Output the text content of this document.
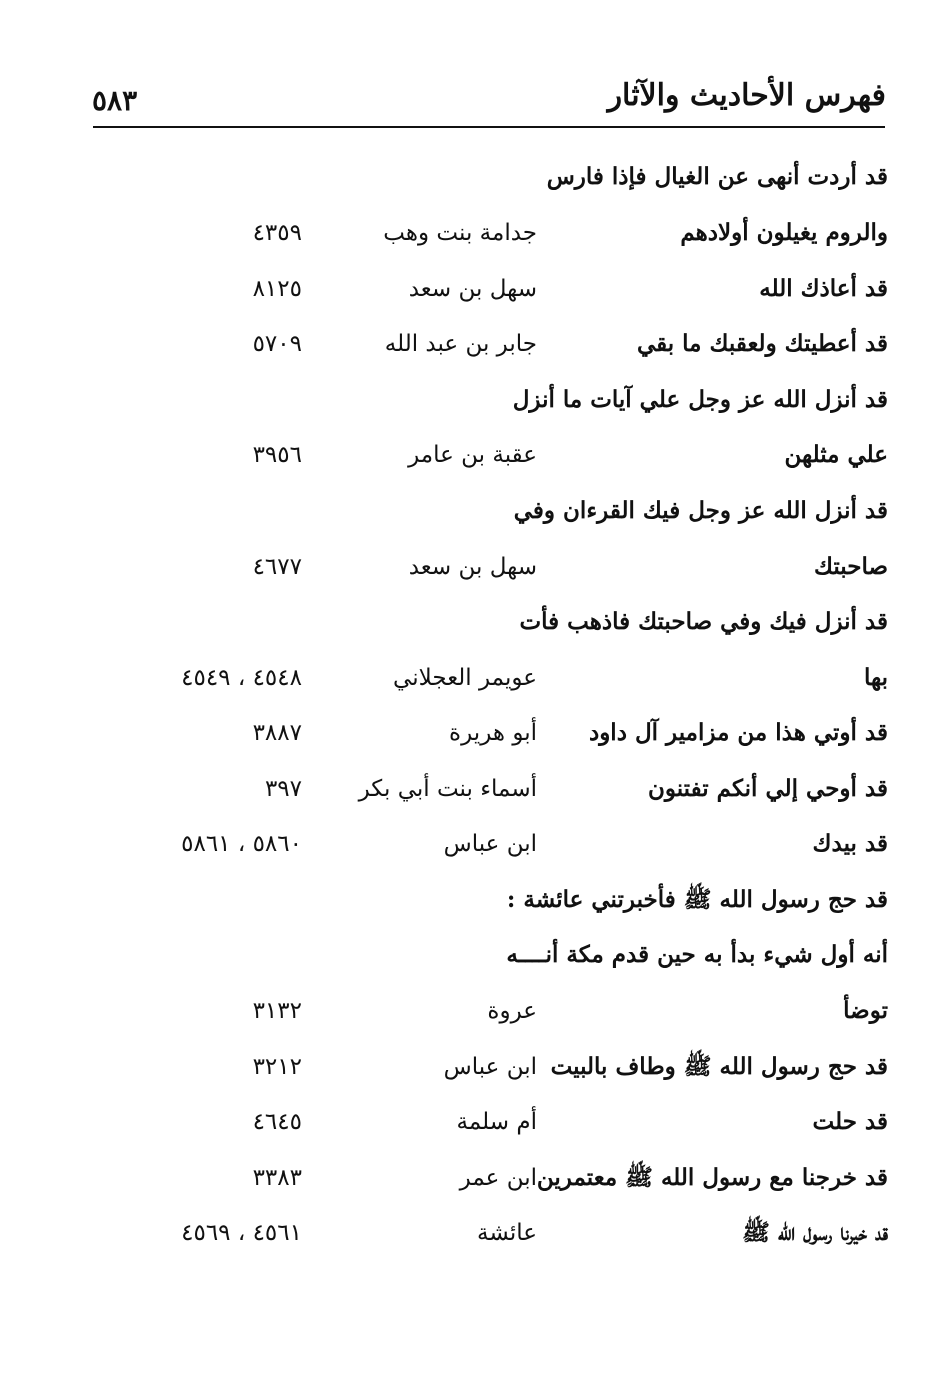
فهرس الأحاديث والآثار
٥٨٣
قد أردت أنهى عن الغيال فإذا فارس
والروم يغيلون أولادهم
جدامة بنت وهب
٤٣٥٩
قد أعاذك الله
سهل بن سعد
٨١٢٥
قد أعطيتك ولعقبك ما بقي
جابر بن عبد الله
٥٧٠٩
قد أنزل الله عز وجل علي آيات ما أنزل
علي مثلهن
عقبة بن عامر
٣٩٥٦
قد أنزل الله عز وجل فيك القرءان وفي
صاحبتك
سهل بن سعد
٤٦٧٧
قد أنزل فيك وفي صاحبتك فاذهب فأت
بها
عويمر العجلاني
٤٥٤٨ ، ٤٥٤٩
قد أوتي هذا من مزامير آل داود
أبو هريرة
٣٨٨٧
قد أوحي إلي أنكم تفتنون
أسماء بنت أبي بكر
٣٩٧
قد بيدك
ابن عباس
٥٨٦٠ ، ٥٨٦١
قد حج رسول الله ﷺ فأخبرتني عائشة :
أنه أول شيء بدأ به حين قدم مكة أنــــه
توضأ
عروة
٣١٣٢
قد حج رسول الله ﷺ وطاف بالبيت
ابن عباس
٣٢١٢
قد حلت
أم سلمة
٤٦٤٥
قد خرجنا مع رسول الله ﷺ معتمرين
ابن عمر
٣٣٨٣
قد خيرنا رسول الله ﷺ
عائشة
٤٥٦١ ، ٤٥٦٩
